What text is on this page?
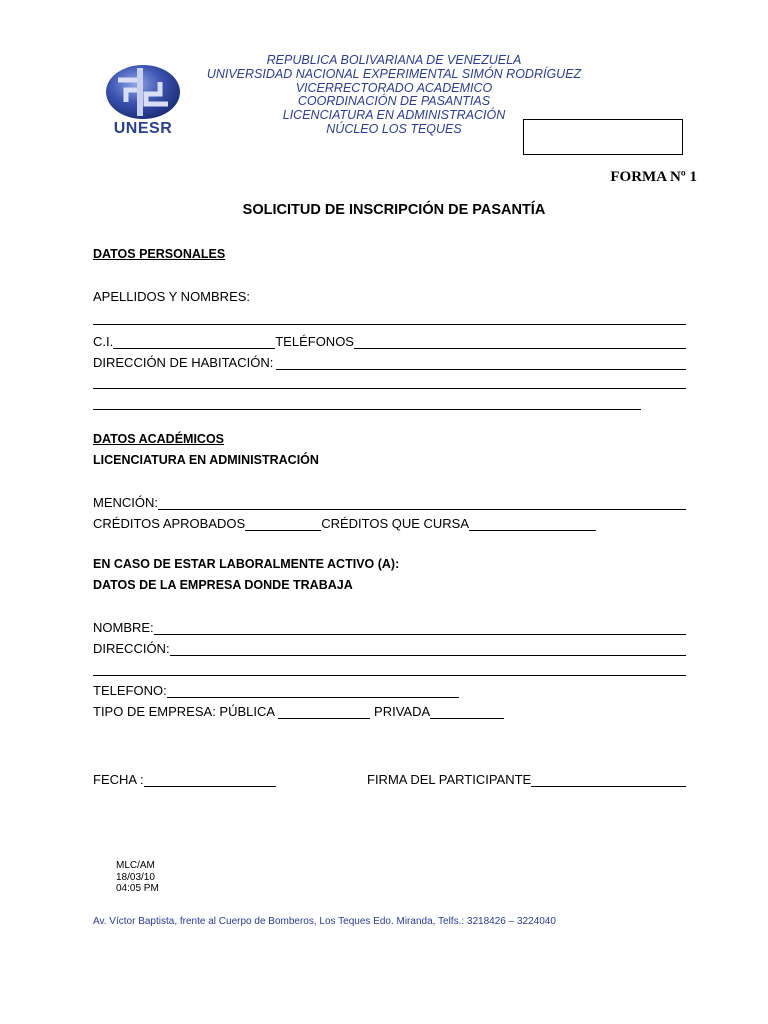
UNESR
REPUBLICA BOLIVARIANA DE VENEZUELA
UNIVERSIDAD NACIONAL EXPERIMENTAL SIMÓN RODRÍGUEZ
VICERRECTORADO ACADEMICO
COORDINACIÓN DE PASANTIAS
LICENCIATURA EN ADMINISTRACIÓN
NÚCLEO LOS TEQUES
FORMA Nº 1
SOLICITUD DE INSCRIPCIÓN DE PASANTÍA
DATOS PERSONALES
APELLIDOS Y NOMBRES:
C.I.	TELÉFONOS
DIRECCIÓN DE HABITACIÓN:
DATOS ACADÉMICOS
LICENCIATURA EN ADMINISTRACIÓN
MENCIÓN:
CRÉDITOS APROBADOS	CRÉDITOS QUE CURSA
EN CASO DE ESTAR LABORALMENTE ACTIVO (A):
DATOS DE LA EMPRESA DONDE TRABAJA
NOMBRE:
DIRECCIÓN:
TELEFONO:
TIPO DE EMPRESA: PÚBLICA	PRIVADA
FECHA :	FIRMA DEL PARTICIPANTE
MLC/AM
18/03/10
04:05 PM
Av. Víctor Baptista, frente al Cuerpo de Bomberos, Los Teques Edo. Miranda, Telfs.: 3218426 – 3224040
